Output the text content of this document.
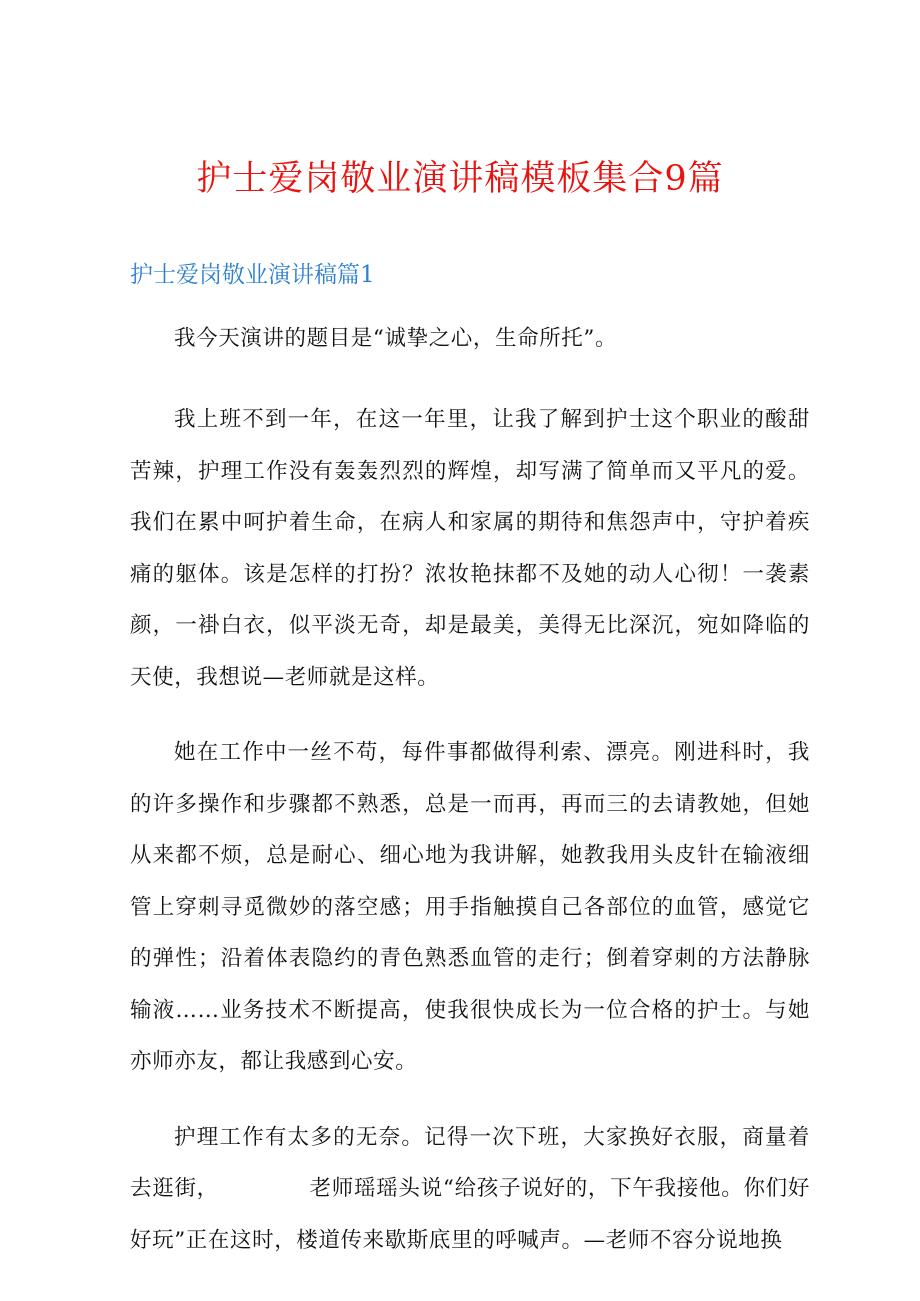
护士爱岗敬业演讲稿模板集合9篇
护士爱岗敬业演讲稿篇1

我今天演讲的题目是“诚挚之心，生命所托”。

我上班不到一年，在这一年里，让我了解到护士这个职业的酸甜苦辣，护理工作没有轰轰烈烈的辉煌，却写满了简单而又平凡的爱。我们在累中呵护着生命，在病人和家属的期待和焦怨声中，守护着疾痛的躯体。该是怎样的打扮？浓妆艳抹都不及她的动人心彻！一袭素颜，一褂白衣，似平淡无奇，却是最美，美得无比深沉，宛如降临的天使，我想说—老师就是这样。

她在工作中一丝不苟，每件事都做得利索、漂亮。刚进科时，我的许多操作和步骤都不熟悉，总是一而再，再而三的去请教她，但她从来都不烦，总是耐心、细心地为我讲解，她教我用头皮针在输液细管上穿刺寻觅微妙的落空感；用手指触摸自己各部位的血管，感觉它的弹性；沿着体表隐约的青色熟悉血管的走行；倒着穿刺的方法静脉输液……业务技术不断提高，使我很快成长为一位合格的护士。与她亦师亦友，都让我感到心安。

护理工作有太多的无奈。记得一次下班，大家换好衣服，商量着去逛街，            老师瑶瑶头说“给孩子说好的，下午我接他。你们好好玩”正在这时，楼道传来歇斯底里的呼喊声。—老师不容分说地换
